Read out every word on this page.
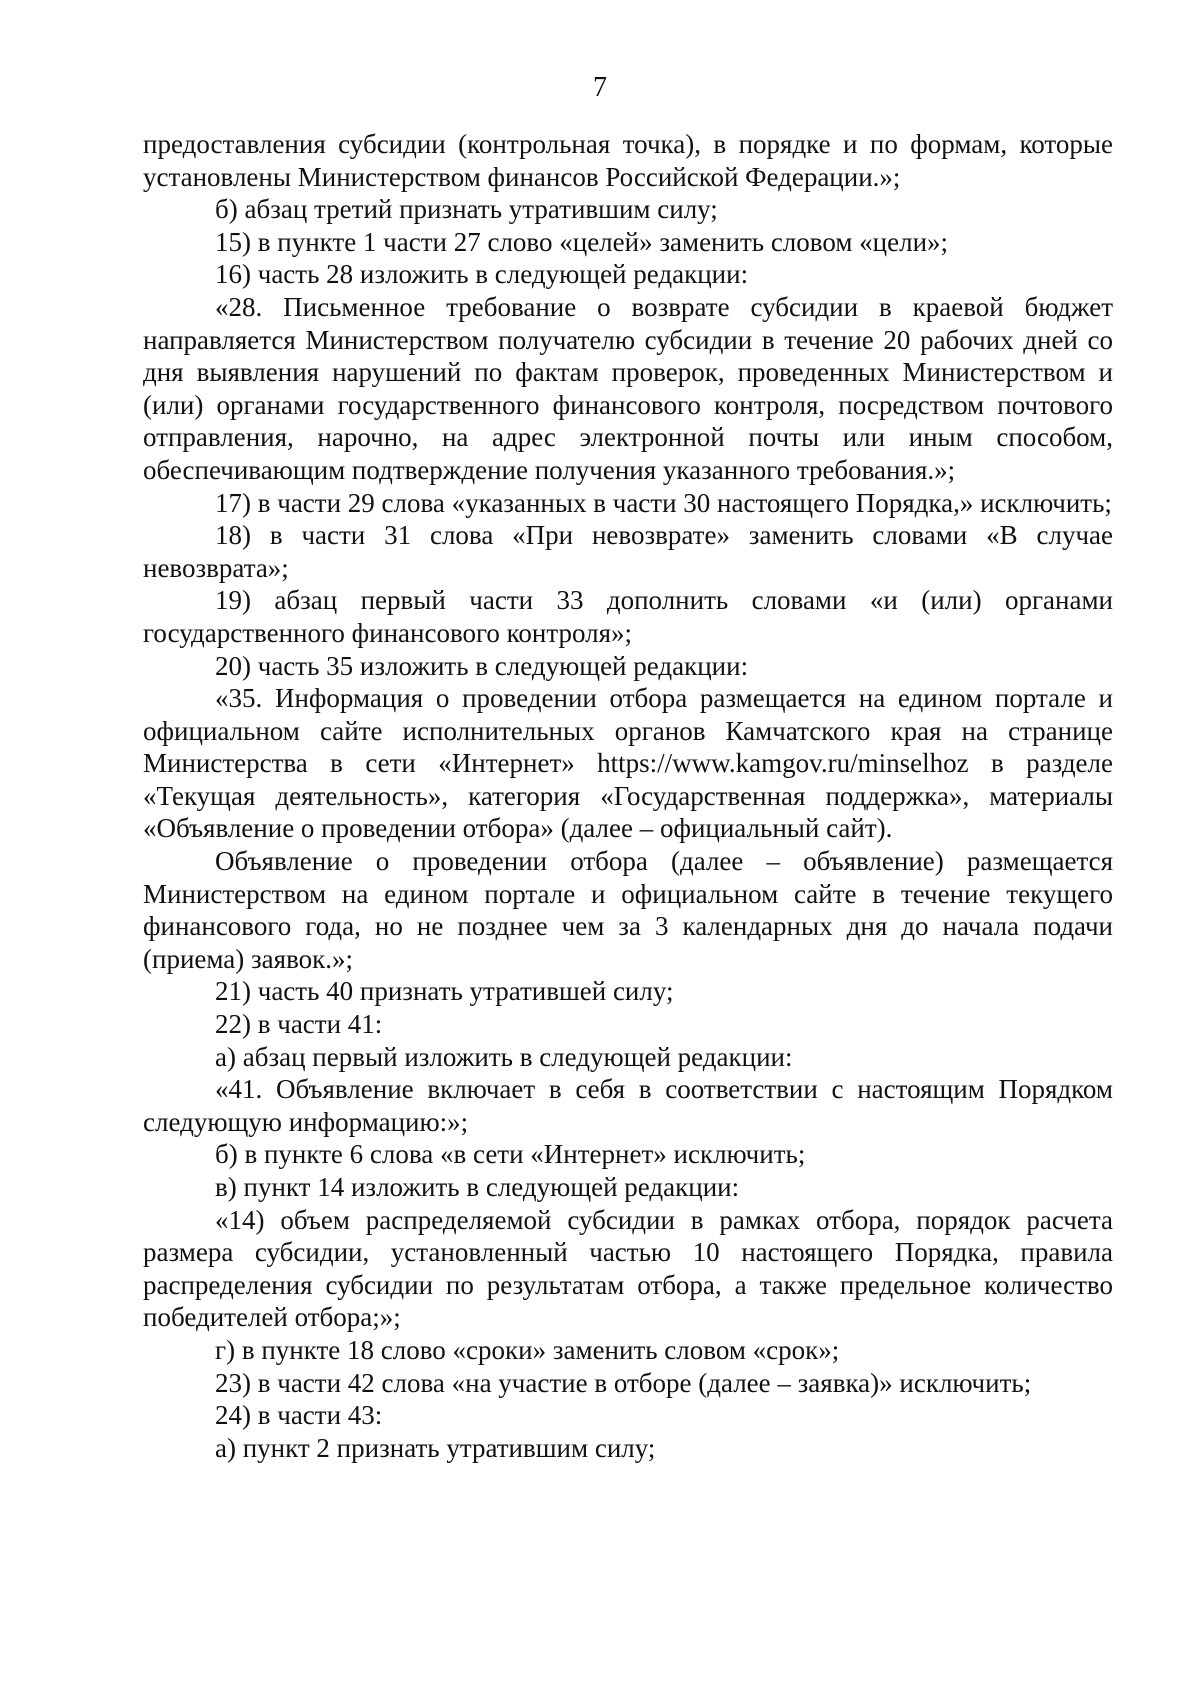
7

предоставления субсидии (контрольная точка), в порядке и по формам, которые установлены Министерством финансов Российской Федерации.»;

б) абзац третий признать утратившим силу;

15) в пункте 1 части 27 слово «целей» заменить словом «цели»;

16) часть 28 изложить в следующей редакции:

«28. Письменное требование о возврате субсидии в краевой бюджет направляется Министерством получателю субсидии в течение 20 рабочих дней со дня выявления нарушений по фактам проверок, проведенных Министерством и (или) органами государственного финансового контроля, посредством почтового отправления, нарочно, на адрес электронной почты или иным способом, обеспечивающим подтверждение получения указанного требования.»;

17) в части 29 слова «указанных в части 30 настоящего Порядка,» исключить;

18) в части 31 слова «При невозврате» заменить словами «В случае невозврата»;

19) абзац первый части 33 дополнить словами «и (или) органами государственного финансового контроля»;

20) часть 35 изложить в следующей редакции:

«35. Информация о проведении отбора размещается на едином портале и официальном сайте исполнительных органов Камчатского края на странице Министерства в сети «Интернет» https://www.kamgov.ru/minselhoz в разделе «Текущая деятельность», категория «Государственная поддержка», материалы «Объявление о проведении отбора» (далее – официальный сайт).

Объявление о проведении отбора (далее – объявление) размещается Министерством на едином портале и официальном сайте в течение текущего финансового года, но не позднее чем за 3 календарных дня до начала подачи (приема) заявок.»;

21) часть 40 признать утратившей силу;

22) в части 41:

а) абзац первый изложить в следующей редакции:

«41. Объявление включает в себя в соответствии с настоящим Порядком следующую информацию:»;

б) в пункте 6 слова «в сети «Интернет» исключить;

в) пункт 14 изложить в следующей редакции:

«14) объем распределяемой субсидии в рамках отбора, порядок расчета размера субсидии, установленный частью 10 настоящего Порядка, правила распределения субсидии по результатам отбора, а также предельное количество победителей отбора;»;

г) в пункте 18 слово «сроки» заменить словом «срок»;

23) в части 42 слова «на участие в отборе (далее – заявка)» исключить;

24) в части 43:

а) пункт 2 признать утратившим силу;
